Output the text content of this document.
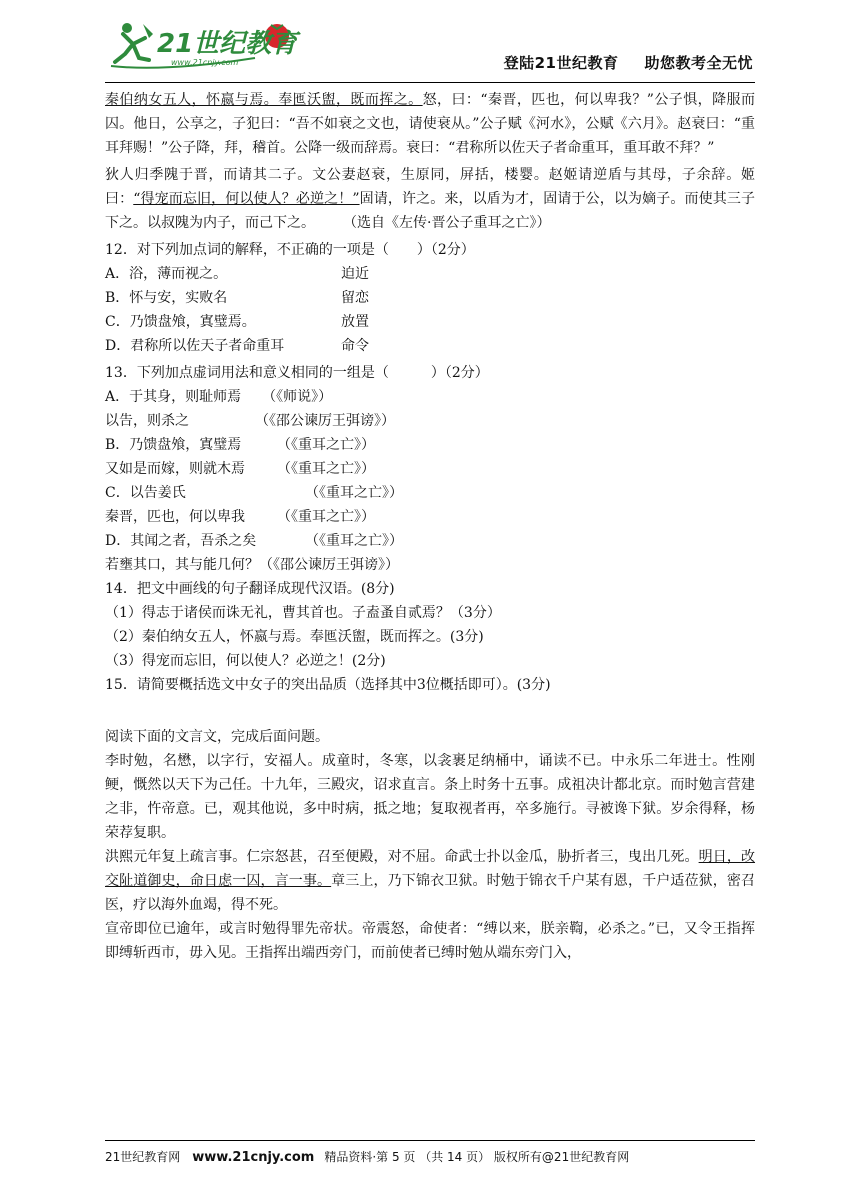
21世纪教育
www.21cnjy.com	登陆21世纪教育 助您教考全无忧

秦伯纳女五人，怀嬴与焉。奉匜沃盥，既而挥之。怒，曰：“秦晋，匹也，何以卑我？”公子惧，降服而囚。他日，公享之，子犯曰：“吾不如衰之文也，请使衰从。”公子赋《河水》，公赋《六月》。赵衰曰：“重耳拜赐！”公子降，拜，稽首。公降一级而辞焉。衰曰：“君称所以佐天子者命重耳，重耳敢不拜？”

狄人归季隗于晋，而请其二子。文公妻赵衰，生原同，屏括，楼婴。赵姬请逆盾与其母，子余辞。姬曰：“得宠而忘旧，何以使人？必逆之！”固请，许之。来，以盾为才，固请于公，以为嫡子。而使其三子下之。以叔隗为内子，而己下之。　　　	（选自《左传·晋公子重耳之亡》）

12．对下列加点词的解释，不正确的一项是（　　）（2分）

A．浴，薄而视之。	迫近

B．怀与安，实败名	留恋

C．乃馈盘飧，寘璧焉。	放置

D．君称所以佐天子者命重耳	命令

13．下列加点虚词用法和意义相同的一组是（　　　）（2分）

A．于其身，则耻师焉　　 （《师说》）

以告，则杀之	（《邵公谏厉王弭谤》）

B．乃馈盘飧，寘璧焉	（《重耳之亡》）

又如是而嫁，则就木焉 （《重耳之亡》）

C．以告姜氏	（《重耳之亡》）

秦晋，匹也，何以卑我 （《重耳之亡》）

D．其闻之者，吾杀之矣	（《重耳之亡》）

若壅其口，其与能几何？（《邵公谏厉王弭谤》）

14．把文中画线的句子翻译成现代汉语。(8分)

（1）得志于诸侯而诛无礼，曹其首也。子盍蚤自贰焉？（3分）

（2）秦伯纳女五人，怀嬴与焉。奉匜沃盥，既而挥之。(3分)

（3）得宠而忘旧，何以使人？必逆之！(2分)

15．请简要概括选文中女子的突出品质（选择其中3位概括即可）。(3分)

阅读下面的文言文，完成后面问题。

李时勉，名懋，以字行，安福人。成童时，冬寒，以衾裹足纳桶中，诵读不已。中永乐二年进士。性刚鲠，慨然以天下为己任。十九年，三殿灾，诏求直言。条上时务十五事。成祖决计都北京。而时勉言营建之非，忤帝意。已，观其他说，多中时病，抵之地；复取视者再，卒多施行。寻被谗下狱。岁余得释，杨荣荐复职。

洪熙元年复上疏言事。仁宗怒甚，召至便殿，对不屈。命武士扑以金瓜，胁折者三，曳出几死。明日，改交阯道御史，命日虑一囚，言一事。章三上，乃下锦衣卫狱。时勉于锦衣千户某有恩，千户适莅狱，密召医，疗以海外血竭，得不死。

宣帝即位已逾年，或言时勉得罪先帝状。帝震怒，命使者：“缚以来，朕亲鞫，必杀之。”已，又令王指挥即缚斩西市，毋入见。王指挥出端西旁门，而前使者已缚时勉从端东旁门入，

21世纪教育网 www.21cnjy.com 精品资料·第 5 页 （共 14 页） 版权所有@21世纪教育网
